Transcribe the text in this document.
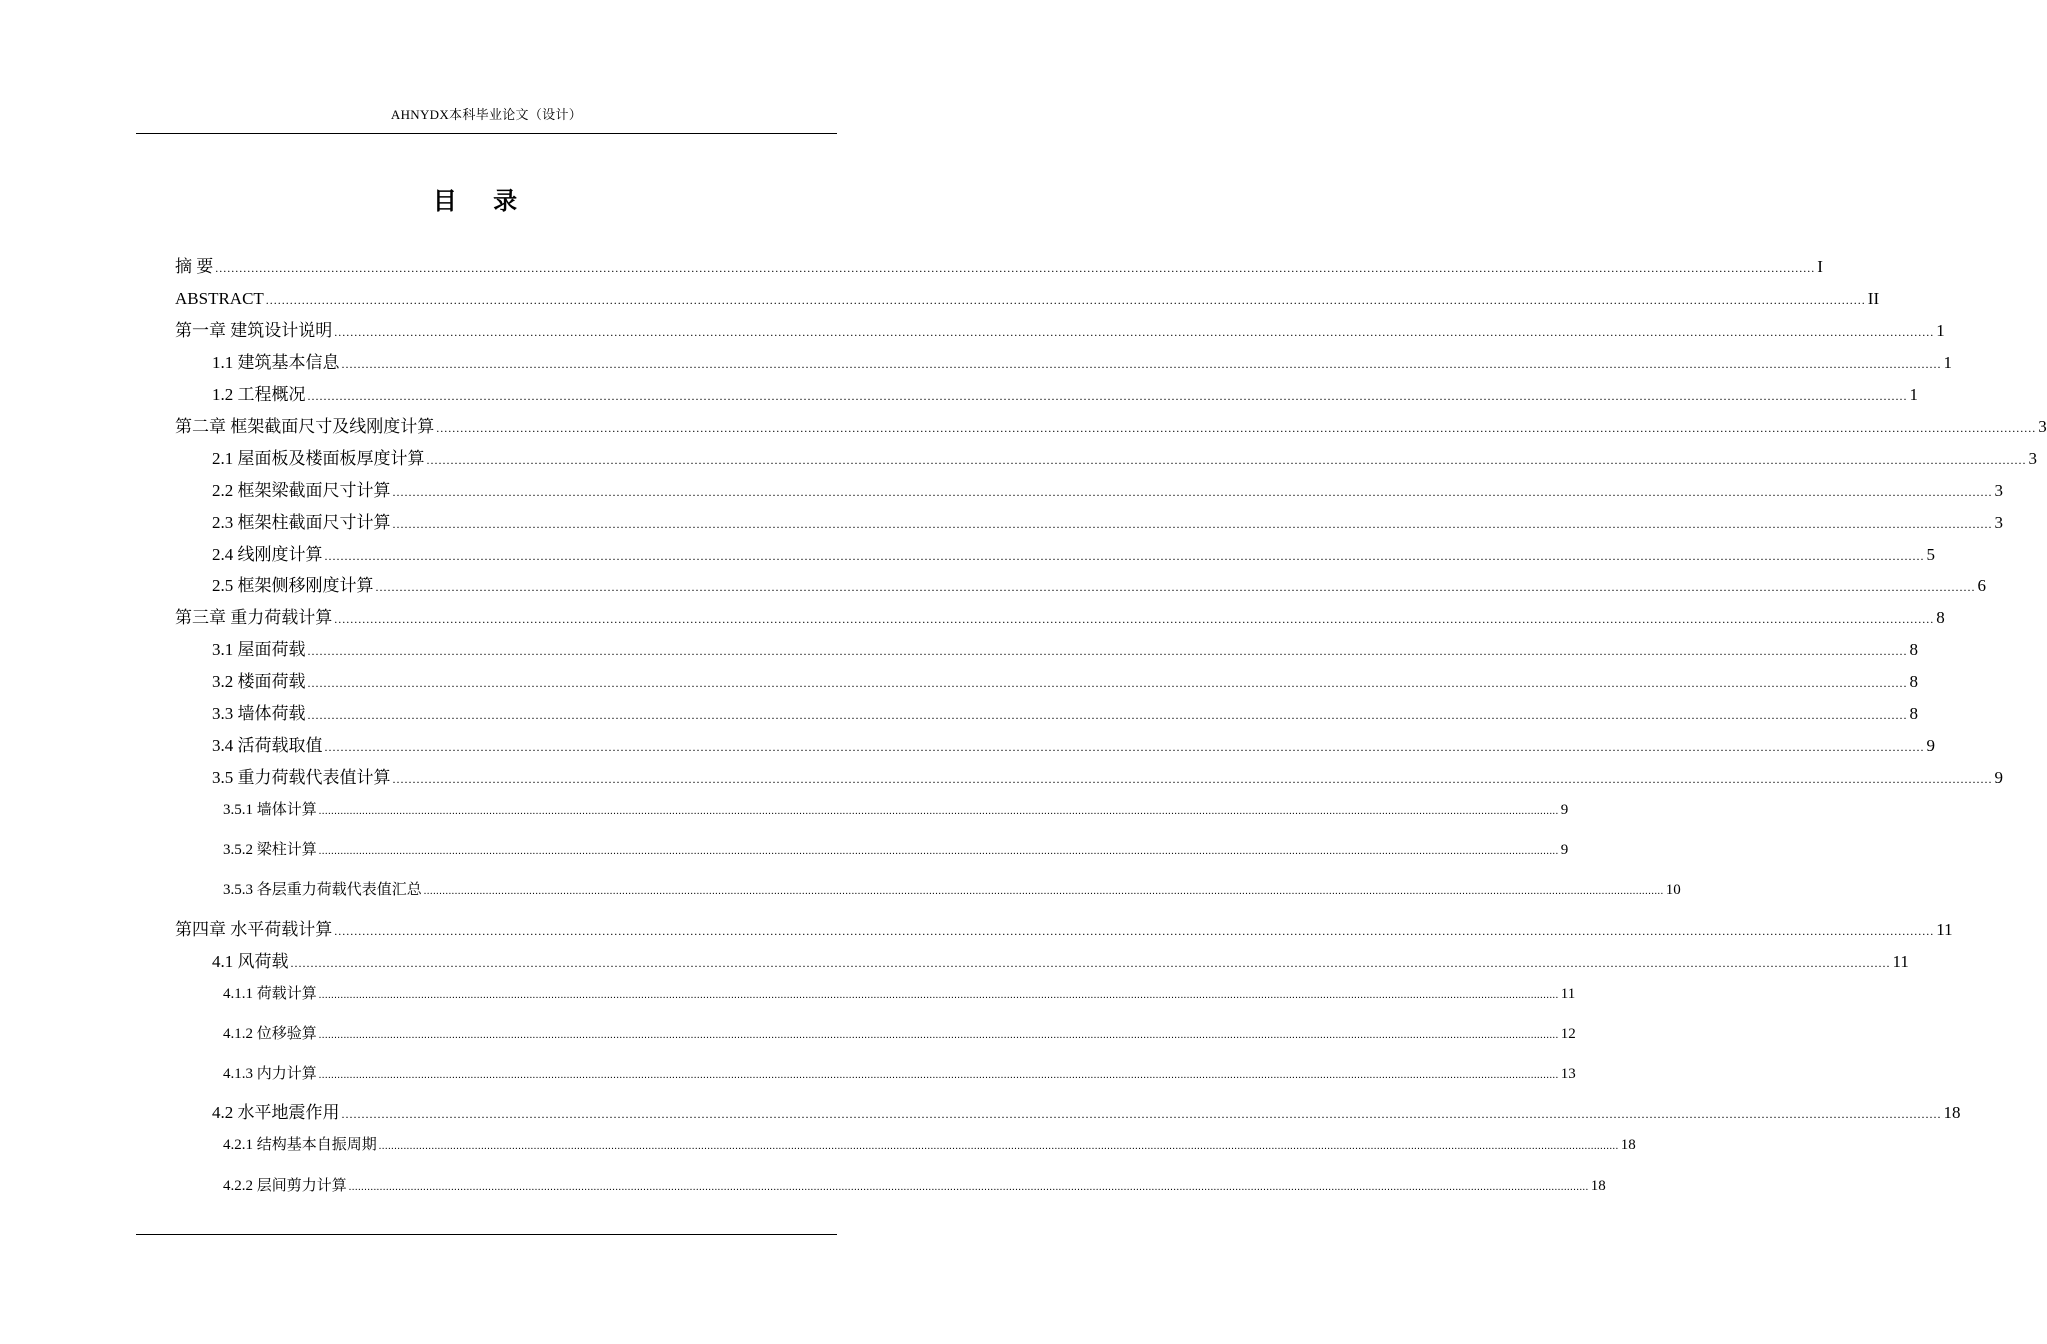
AHNYDX本科毕业论文（设计）
目 录
摘 要 ................................................................................................................................................................................................................................................................................................................................................................................................................ I
ABSTRACT ................................................................................................................................................................................................................................................................................................................................................................................................................ II
第一章 建筑设计说明 ................................................................................................................................................................................................................................................................................................................................................................................................................ 1
1.1 建筑基本信息 ................................................................................................................................................................................................................................................................................................................................................................................................................ 1
1.2 工程概况 ................................................................................................................................................................................................................................................................................................................................................................................................................ 1
第二章 框架截面尺寸及线刚度计算 ................................................................................................................................................................................................................................................................................................................................................................................................................ 3
2.1 屋面板及楼面板厚度计算 ................................................................................................................................................................................................................................................................................................................................................................................................................ 3
2.2 框架梁截面尺寸计算 ................................................................................................................................................................................................................................................................................................................................................................................................................ 3
2.3 框架柱截面尺寸计算 ................................................................................................................................................................................................................................................................................................................................................................................................................ 3
2.4 线刚度计算 ................................................................................................................................................................................................................................................................................................................................................................................................................ 5
2.5 框架侧移刚度计算 ................................................................................................................................................................................................................................................................................................................................................................................................................ 6
第三章 重力荷载计算 ................................................................................................................................................................................................................................................................................................................................................................................................................ 8
3.1 屋面荷载 ................................................................................................................................................................................................................................................................................................................................................................................................................ 8
3.2 楼面荷载 ................................................................................................................................................................................................................................................................................................................................................................................................................ 8
3.3 墙体荷载 ................................................................................................................................................................................................................................................................................................................................................................................................................ 8
3.4 活荷载取值 ................................................................................................................................................................................................................................................................................................................................................................................................................ 9
3.5 重力荷载代表值计算 ................................................................................................................................................................................................................................................................................................................................................................................................................ 9
3.5.1 墙体计算 ................................................................................................................................................................................................................................................................................................................................................................................................................ 9
3.5.2 梁柱计算 ................................................................................................................................................................................................................................................................................................................................................................................................................ 9
3.5.3 各层重力荷载代表值汇总 ................................................................................................................................................................................................................................................................................................................................................................................................................ 10
第四章 水平荷载计算 ................................................................................................................................................................................................................................................................................................................................................................................................................ 11
4.1 风荷载 ................................................................................................................................................................................................................................................................................................................................................................................................................ 11
4.1.1 荷载计算 ................................................................................................................................................................................................................................................................................................................................................................................................................ 11
4.1.2 位移验算 ................................................................................................................................................................................................................................................................................................................................................................................................................ 12
4.1.3 内力计算 ................................................................................................................................................................................................................................................................................................................................................................................................................ 13
4.2 水平地震作用 ................................................................................................................................................................................................................................................................................................................................................................................................................ 18
4.2.1 结构基本自振周期 ................................................................................................................................................................................................................................................................................................................................................................................................................ 18
4.2.2 层间剪力计算 ................................................................................................................................................................................................................................................................................................................................................................................................................ 18
